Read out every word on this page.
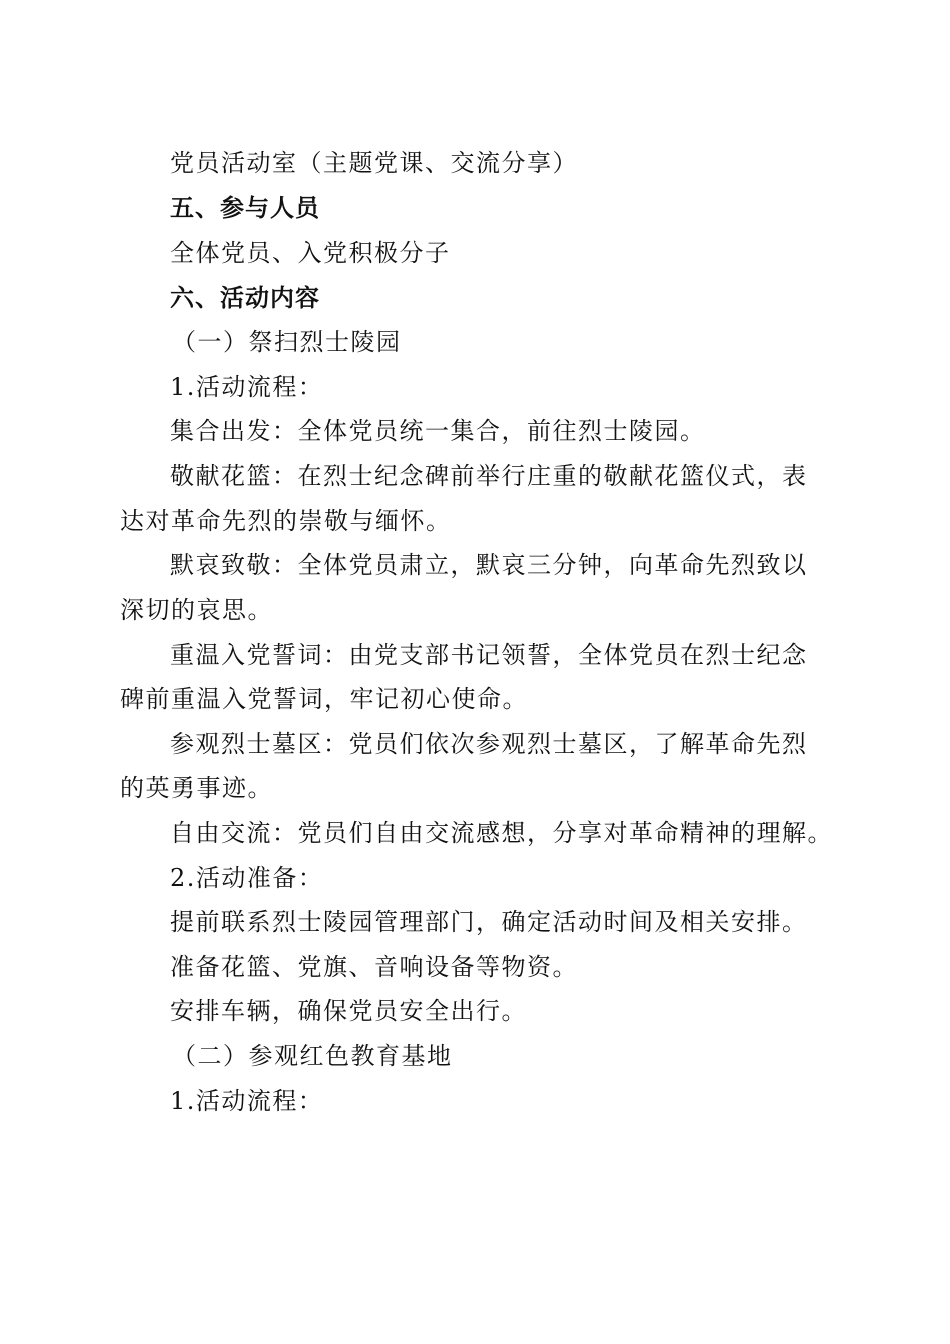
党员活动室（主题党课、交流分享）
五、参与人员
全体党员、入党积极分子
六、活动内容
（一）祭扫烈士陵园
1.活动流程：
集合出发：全体党员统一集合，前往烈士陵园。
敬献花篮：在烈士纪念碑前举行庄重的敬献花篮仪式，表
达对革命先烈的崇敬与缅怀。
默哀致敬：全体党员肃立，默哀三分钟，向革命先烈致以
深切的哀思。
重温入党誓词：由党支部书记领誓，全体党员在烈士纪念
碑前重温入党誓词，牢记初心使命。
参观烈士墓区：党员们依次参观烈士墓区，了解革命先烈
的英勇事迹。
自由交流：党员们自由交流感想，分享对革命精神的理解。
2.活动准备：
提前联系烈士陵园管理部门，确定活动时间及相关安排。
准备花篮、党旗、音响设备等物资。
安排车辆，确保党员安全出行。
（二）参观红色教育基地
1.活动流程：
